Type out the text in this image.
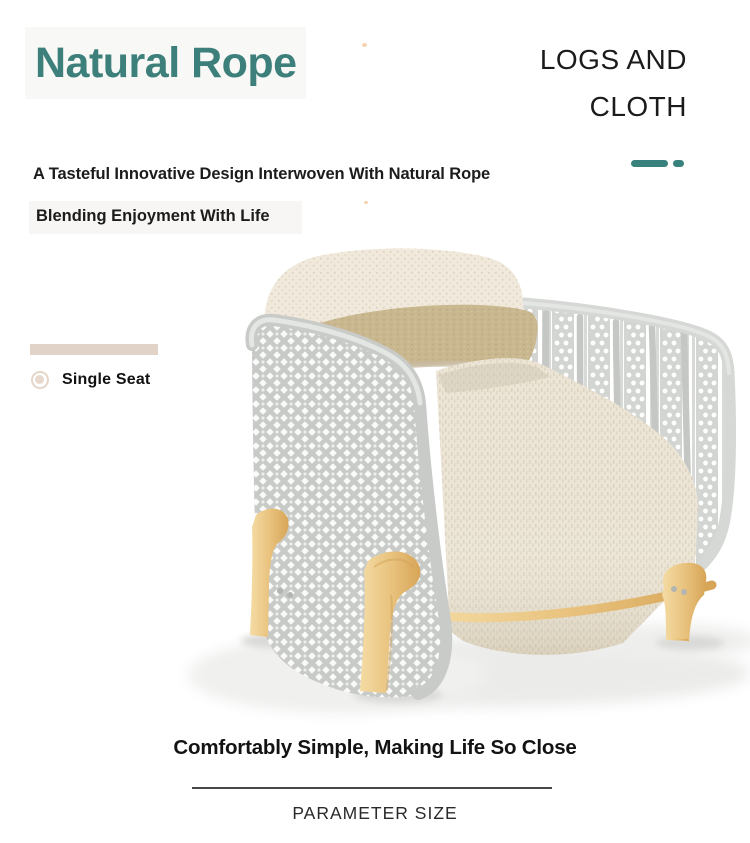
Natural Rope	LOGS AND
CLOTH
A Tasteful Innovative Design Interwoven With Natural Rope
Blending Enjoyment With Life
Single Seat
Comfortably Simple, Making Life So Close
PARAMETER SIZE
